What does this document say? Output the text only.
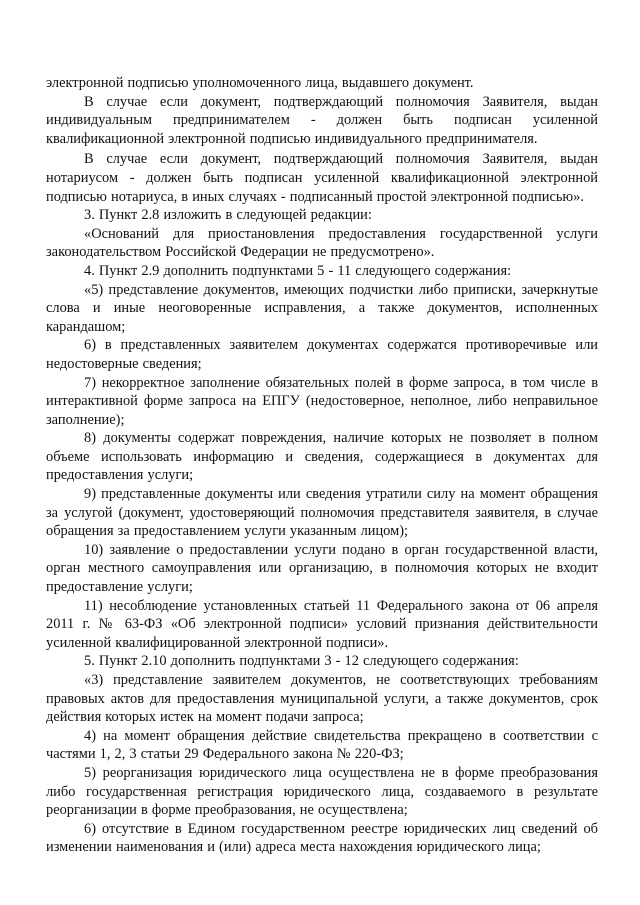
электронной подписью уполномоченного лица, выдавшего документ.

В случае если документ, подтверждающий полномочия Заявителя, выдан индивидуальным предпринимателем - должен быть подписан усиленной квалификационной электронной подписью индивидуального предпринимателя.

В случае если документ, подтверждающий полномочия Заявителя, выдан нотариусом - должен быть подписан усиленной квалификационной электронной подписью нотариуса, в иных случаях - подписанный простой электронной подписью».

3. Пункт 2.8 изложить в следующей редакции:

«Оснований для приостановления предоставления государственной услуги законодательством Российской Федерации не предусмотрено».

4. Пункт 2.9 дополнить подпунктами 5 - 11 следующего содержания:

«5) представление документов, имеющих подчистки либо приписки, зачеркнутые слова и иные неоговоренные исправления, а также документов, исполненных карандашом;

6) в представленных заявителем документах содержатся противоречивые или недостоверные сведения;

7) некорректное заполнение обязательных полей в форме запроса, в том числе в интерактивной форме запроса на ЕПГУ (недостоверное, неполное, либо неправильное заполнение);

8) документы содержат повреждения, наличие которых не позволяет в полном объеме использовать информацию и сведения, содержащиеся в документах для предоставления услуги;

9) представленные документы или сведения утратили силу на момент обращения за услугой (документ, удостоверяющий полномочия представителя заявителя, в случае обращения за предоставлением услуги указанным лицом);

10) заявление о предоставлении услуги подано в орган государственной власти, орган местного самоуправления или организацию, в полномочия которых не входит предоставление услуги;

11) несоблюдение установленных статьей 11 Федерального закона от 06 апреля 2011 г. № 63-ФЗ «Об электронной подписи» условий признания действительности усиленной квалифицированной электронной подписи».

5. Пункт 2.10 дополнить подпунктами 3 - 12 следующего содержания:

«3) представление заявителем документов, не соответствующих требованиям правовых актов для предоставления муниципальной услуги, а также документов, срок действия которых истек на момент подачи запроса;

4) на момент обращения действие свидетельства прекращено в соответствии с частями 1, 2, 3 статьи 29 Федерального закона № 220-ФЗ;

5) реорганизация юридического лица осуществлена не в форме преобразования либо государственная регистрация юридического лица, создаваемого в результате реорганизации в форме преобразования, не осуществлена;

6) отсутствие в Едином государственном реестре юридических лиц сведений об изменении наименования и (или) адреса места нахождения юридического лица;
